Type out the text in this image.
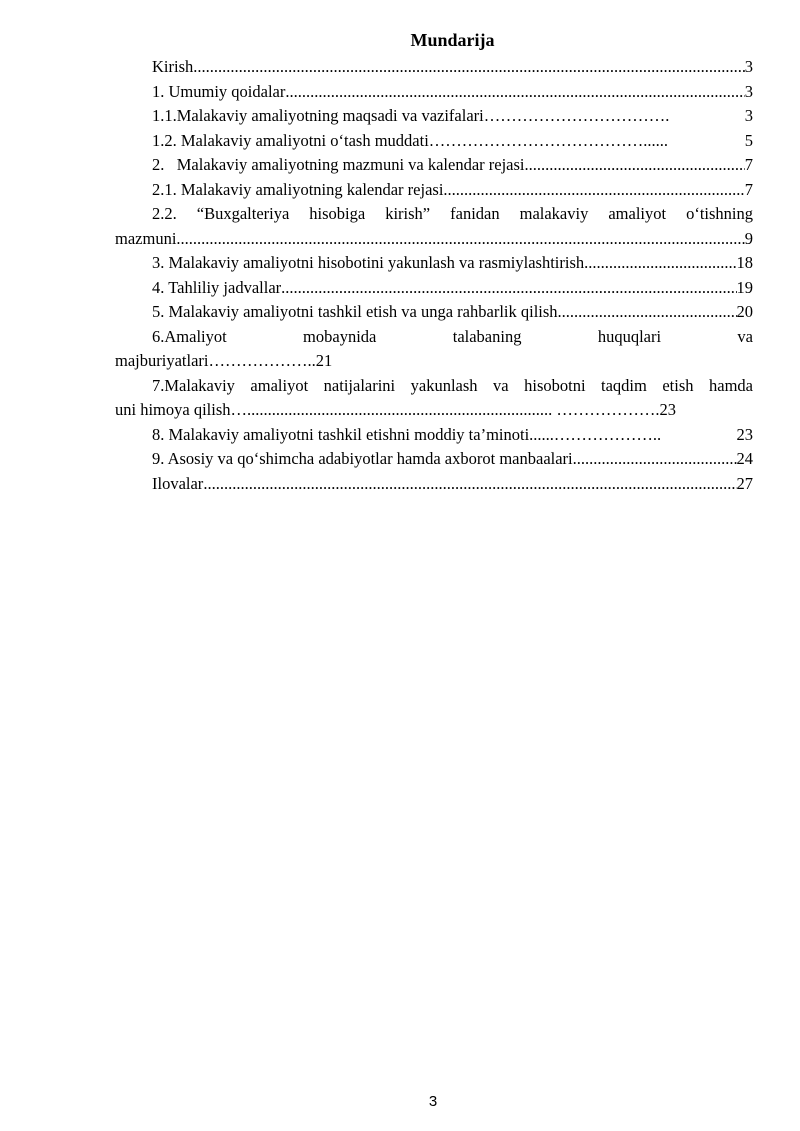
Mundarija
Kirish .....	3
1. Umumiy qoidalar .....	3
1.1.Malakaviy amaliyotning maqsadi va vazifalari …………………………….	3
1.2. Malakaviy amaliyotni o‘tash muddati …………………………………......	5
2.   Malakaviy amaliyotning mazmuni va kalendar rejasi .....	7
2.1. Malakaviy amaliyotning kalendar rejasi .....	7
2.2. “Buxgalteriya hisobiga kirish” fanidan malakaviy amaliyot o‘tishning
mazmuni .....	9
3. Malakaviy amaliyotni hisobotini yakunlash va rasmiylashtirish .....	18
4. Tahliliy jadvallar .....	19
5. Malakaviy amaliyotni tashkil etish va unga rahbarlik qilish .....	20
6.Amaliyot mobaynida talabaning huquqlari va
majburiyatlari………………..21
7.Malakaviy amaliyot natijalarini yakunlash va hisobotni taqdim etish hamda
uni himoya qilish….......................................................................... ……………….23
8. Malakaviy amaliyotni tashkil etishni moddiy ta’minoti ......………………..	23
9. Asosiy va qo‘shimcha adabiyotlar hamda axborot manbaalari .....	24
Ilovalar .....	27
3
